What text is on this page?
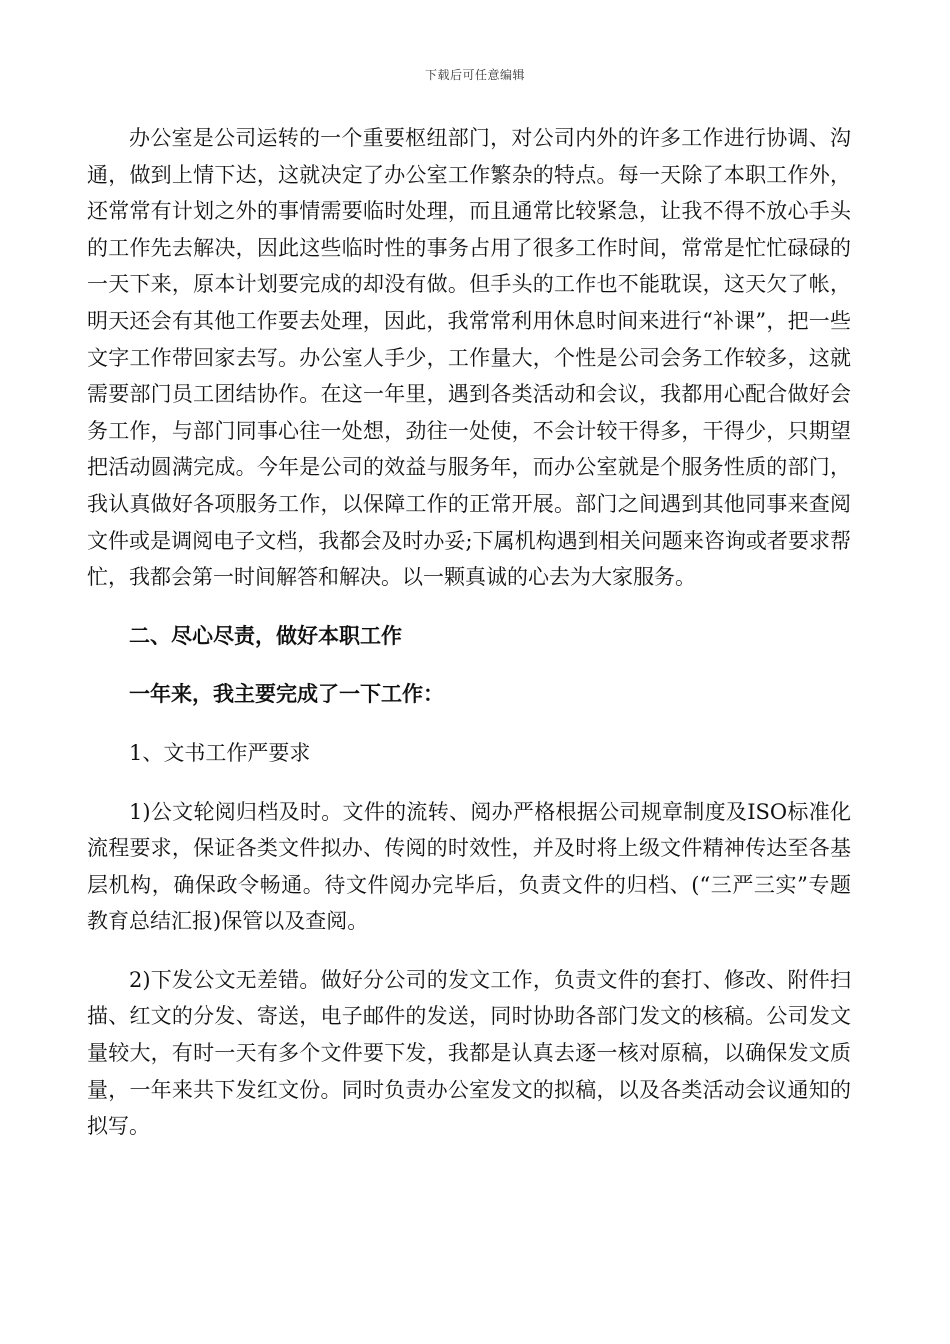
下载后可任意编辑

办公室是公司运转的一个重要枢纽部门，对公司内外的许多工作进行协调、沟通，做到上情下达，这就决定了办公室工作繁杂的特点。每一天除了本职工作外，还常常有计划之外的事情需要临时处理，而且通常比较紧急，让我不得不放心手头的工作先去解决，因此这些临时性的事务占用了很多工作时间，常常是忙忙碌碌的一天下来，原本计划要完成的却没有做。但手头的工作也不能耽误，这天欠了帐，明天还会有其他工作要去处理，因此，我常常利用休息时间来进行“补课”，把一些文字工作带回家去写。办公室人手少，工作量大，个性是公司会务工作较多，这就需要部门员工团结协作。在这一年里，遇到各类活动和会议，我都用心配合做好会务工作，与部门同事心往一处想，劲往一处使，不会计较干得多，干得少，只期望把活动圆满完成。今年是公司的效益与服务年，而办公室就是个服务性质的部门，我认真做好各项服务工作，以保障工作的正常开展。部门之间遇到其他同事来查阅文件或是调阅电子文档，我都会及时办妥;下属机构遇到相关问题来咨询或者要求帮忙，我都会第一时间解答和解决。以一颗真诚的心去为大家服务。

二、尽心尽责，做好本职工作

一年来，我主要完成了一下工作：

1、文书工作严要求

1)公文轮阅归档及时。文件的流转、阅办严格根据公司规章制度及ISO标准化流程要求，保证各类文件拟办、传阅的时效性，并及时将上级文件精神传达至各基层机构，确保政令畅通。待文件阅办完毕后，负责文件的归档、(“三严三实”专题教育总结汇报)保管以及查阅。

2)下发公文无差错。做好分公司的发文工作，负责文件的套打、修改、附件扫描、红文的分发、寄送，电子邮件的发送，同时协助各部门发文的核稿。公司发文量较大，有时一天有多个文件要下发，我都是认真去逐一核对原稿，以确保发文质量，一年来共下发红文份。同时负责办公室发文的拟稿，以及各类活动会议通知的拟写。
